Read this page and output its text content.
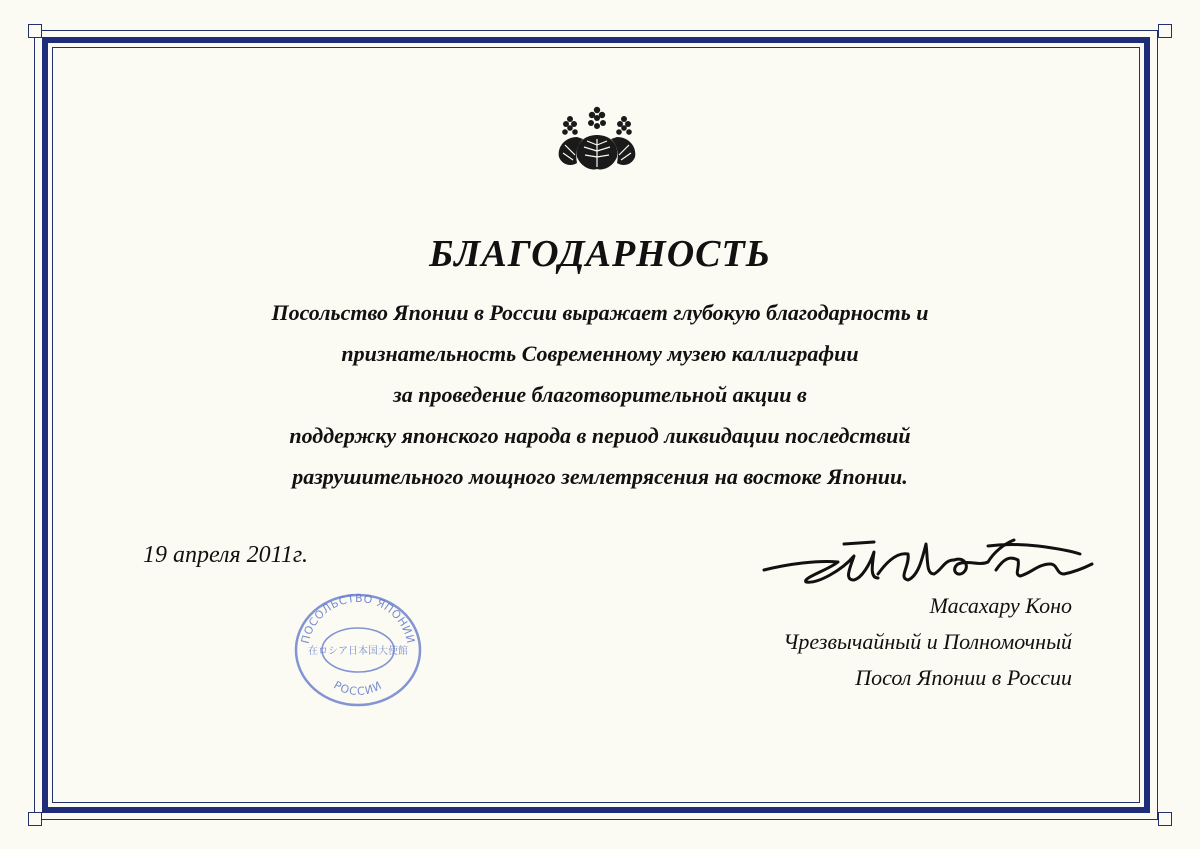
БЛАГОДАРНОСТЬ

Посольство Японии в России выражает глубокую благодарность и
признательность Современному музею каллиграфии
за проведение благотворительной акции в
поддержку японского народа в период ликвидации последствий
разрушительного мощного землетрясения на востоке Японии.

19 апреля 2011г.
Масахару Коно
Чрезвычайный и Полномочный
Посол Японии в России
ПОСОЛЬСТВО ЯПОНИИ
在ロシア日本国大使館
РОССИИ
